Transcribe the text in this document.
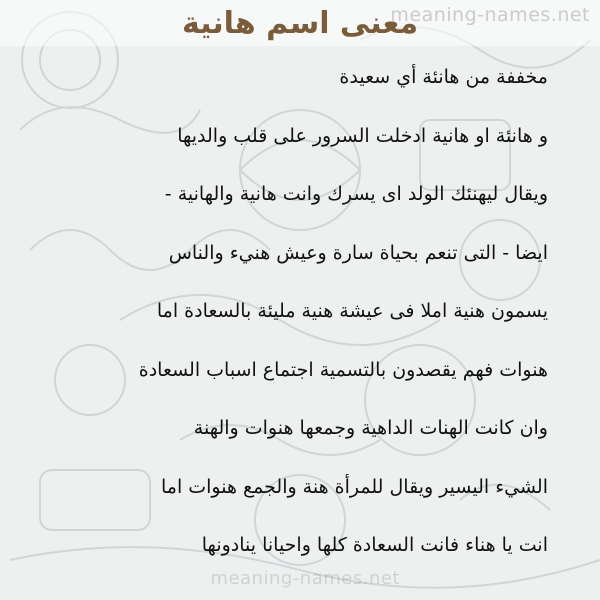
meaning-names.net
معنى اسم هانية
مخففة من هانئة أي سعيدة
و هانئة او هانية ادخلت السرور على قلب والديها
ويقال ليهنئك الولد اى يسرك وانت هانية والهانية -
ايضا - التى تنعم بحياة سارة وعيش هنيء والناس
يسمون هنية املا فى عيشة هنية مليئة بالسعادة اما
هنوات فهم يقصدون بالتسمية اجتماع اسباب السعادة
وان كانت الهنات الداهية وجمعها هنوات والهنة
الشيء اليسير ويقال للمرأة هنة والجمع هنوات اما
انت يا هناء فانت السعادة كلها واحيانا ينادونها
meaning-names.net
